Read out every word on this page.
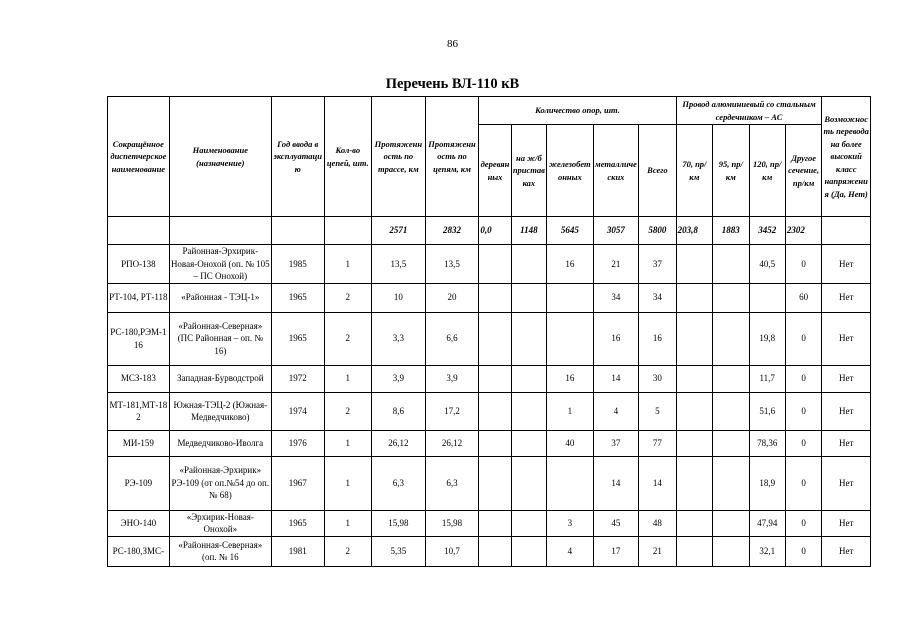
86
Перечень ВЛ-110 кВ
Сокращённое диспетчерское наименование	Наименование (назначение)	Год ввода в эксплуатацию	Кол-во цепей, шт.	Протяженность по трассе, км	Протяженность по цепям, км	Количество опор, шт.					Провод алюминиевый со стальным сердечником – АС				Возможность перевода на более высокий класс напряжения (Да, Нет)
						деревянных	на ж/б приставках	железобетонных	металлических	Всего	70, пр/км	95, пр/км	120, пр/км	Другое сечение, пр/км	
				2571	2832	0,0	1148	5645	3057	5800	203,8	1883	3452	2302	
РПО-138	Районная-Эрхирик-Новая-Онохой (оп. № 105 – ПС Онохой)	1985	1	13,5	13,5			16	21	37			40,5	0	Нет
РТ-104, РТ-118	«Районная - ТЭЦ-1»	1965	2	10	20				34	34				60	Нет
РС-180,РЭМ-116	«Районная-Северная» (ПС Районная – оп. № 16)	1965	2	3,3	6,6				16	16			19,8	0	Нет
МСЗ-183	Западная-Бурводстрой	1972	1	3,9	3,9			16	14	30			11,7	0	Нет
МТ-181,МТ-182	Южная-ТЭЦ-2 (Южная-Медведчиково)	1974	2	8,6	17,2			1	4	5			51,6	0	Нет
МИ-159	Медведчиково-Иволга	1976	1	26,12	26,12			40	37	77			78,36	0	Нет
РЭ-109	«Районная-Эрхирик» РЭ-109 (от оп.№54 до оп.№ 68)	1967	1	6,3	6,3				14	14			18,9	0	Нет
ЭНО-140	«Эрхирик-Новая-Онохой»	1965	1	15,98	15,98			3	45	48			47,94	0	Нет
РС-180,ЗМС-	«Районная-Северная» (оп. № 16	1981	2	5,35	10,7			4	17	21			32,1	0	Нет
